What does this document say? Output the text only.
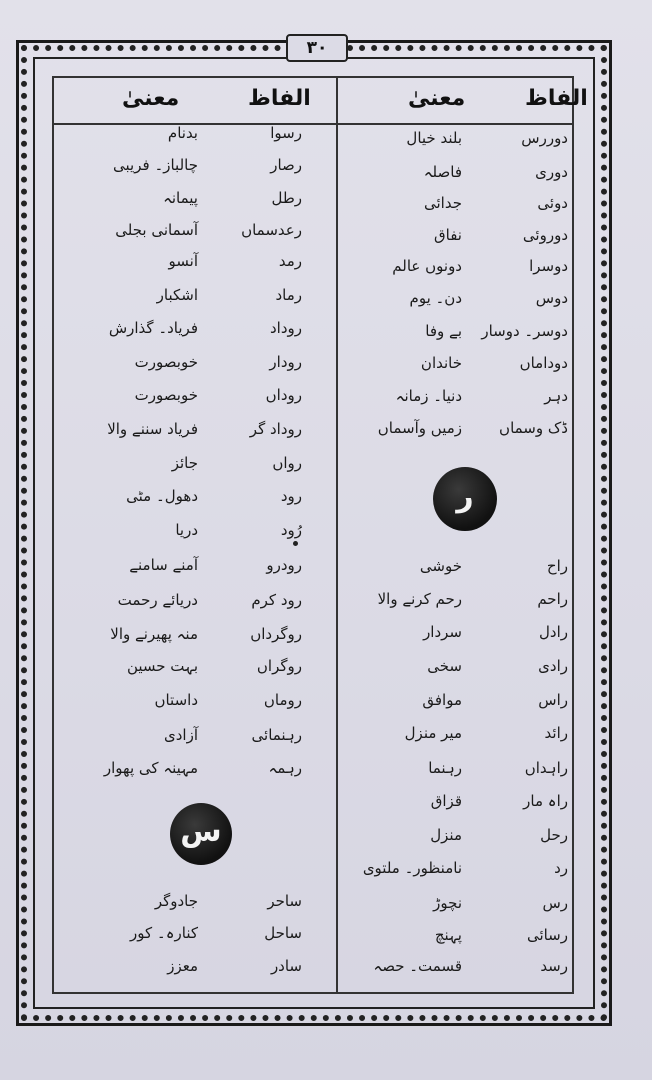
۳۰
الفاظ
معنیٰ
الفاظ
معنیٰ
دوررس
بلند خیال
دوری
فاصلہ
دوئی
جدائی
دوروئی
نفاق
دوسرا
دونوں عالم
دوس
دن۔ یوم
دوسر۔ دوسار
بے وفا
دوداماں
خاندان
دہر
دنیا۔ زمانہ
ڈک وسماں
زمیں وآسماں
راح
خوشی
راحم
رحم کرنے والا
رادل
سردار
رادی
سخی
راس
موافق
رائد
میر منزل
راہداں
رہنما
راہ مار
قزاق
رحل
منزل
رد
نامنظور۔ ملتوی
رس
نچوڑ
رسائی
پہنچ
رسد
قسمت۔ حصہ
رسوا
بدنام
رصار
چالباز۔ فریبی
رطل
پیمانہ
رعدسماں
آسمانی بجلی
رمد
آنسو
رماد
اشکبار
روداد
فریاد۔ گذارش
رودار
خوبصورت
روداں
خوبصورت
روداد گر
فریاد سننے والا
رواں
جائز
رود
دھول۔ مٹی
رُود
دریا
رودرو
آمنے سامنے
رود کرم
دریائے رحمت
روگرداں
منہ پھیرنے والا
روگراں
بہت حسین
روماں
داستاں
رہنمائی
آزادی
رہمہ
مہینہ کی پھوار
ساحر
جادوگر
ساحل
کنارہ۔ کور
سادر
معزز
ر
س
